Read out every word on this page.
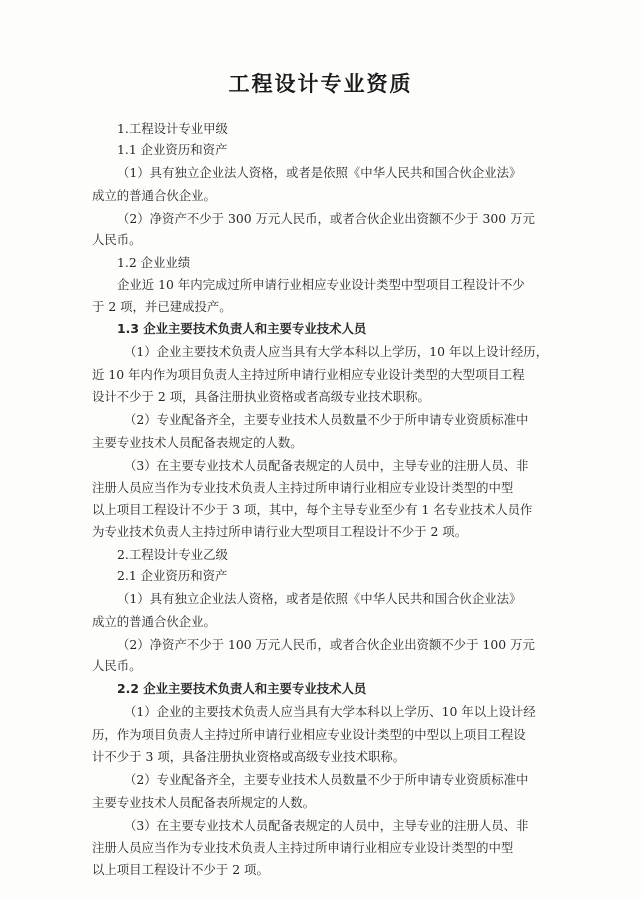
工程设计专业资质
1.工程设计专业甲级
1.1 企业资历和资产
（1）具有独立企业法人资格，或者是依照《中华人民共和国合伙企业法》
成立的普通合伙企业。
（2）净资产不少于 300 万元人民币，或者合伙企业出资额不少于 300 万元
人民币。
1.2 企业业绩
企业近 10 年内完成过所申请行业相应专业设计类型中型项目工程设计不少
于 2 项，并已建成投产。
1.3 企业主要技术负责人和主要专业技术人员
（1）企业主要技术负责人应当具有大学本科以上学历，10 年以上设计经历，
近 10 年内作为项目负责人主持过所申请行业相应专业设计类型的大型项目工程
设计不少于 2 项，具备注册执业资格或者高级专业技术职称。
（2）专业配备齐全，主要专业技术人员数量不少于所申请专业资质标准中
主要专业技术人员配备表规定的人数。
（3）在主要专业技术人员配备表规定的人员中，主导专业的注册人员、非
注册人员应当作为专业技术负责人主持过所申请行业相应专业设计类型的中型
以上项目工程设计不少于 3 项，其中，每个主导专业至少有 1 名专业技术人员作
为专业技术负责人主持过所申请行业大型项目工程设计不少于 2 项。
2.工程设计专业乙级
2.1 企业资历和资产
（1）具有独立企业法人资格，或者是依照《中华人民共和国合伙企业法》
成立的普通合伙企业。
（2）净资产不少于 100 万元人民币，或者合伙企业出资额不少于 100 万元
人民币。
2.2 企业主要技术负责人和主要专业技术人员
（1）企业的主要技术负责人应当具有大学本科以上学历、10 年以上设计经
历，作为项目负责人主持过所申请行业相应专业设计类型的中型以上项目工程设
计不少于 3 项，具备注册执业资格或高级专业技术职称。
（2）专业配备齐全，主要专业技术人员数量不少于所申请专业资质标准中
主要专业技术人员配备表所规定的人数。
（3）在主要专业技术人员配备表规定的人员中，主导专业的注册人员、非
注册人员应当作为专业技术负责人主持过所申请行业相应专业设计类型的中型
以上项目工程设计不少于 2 项。
